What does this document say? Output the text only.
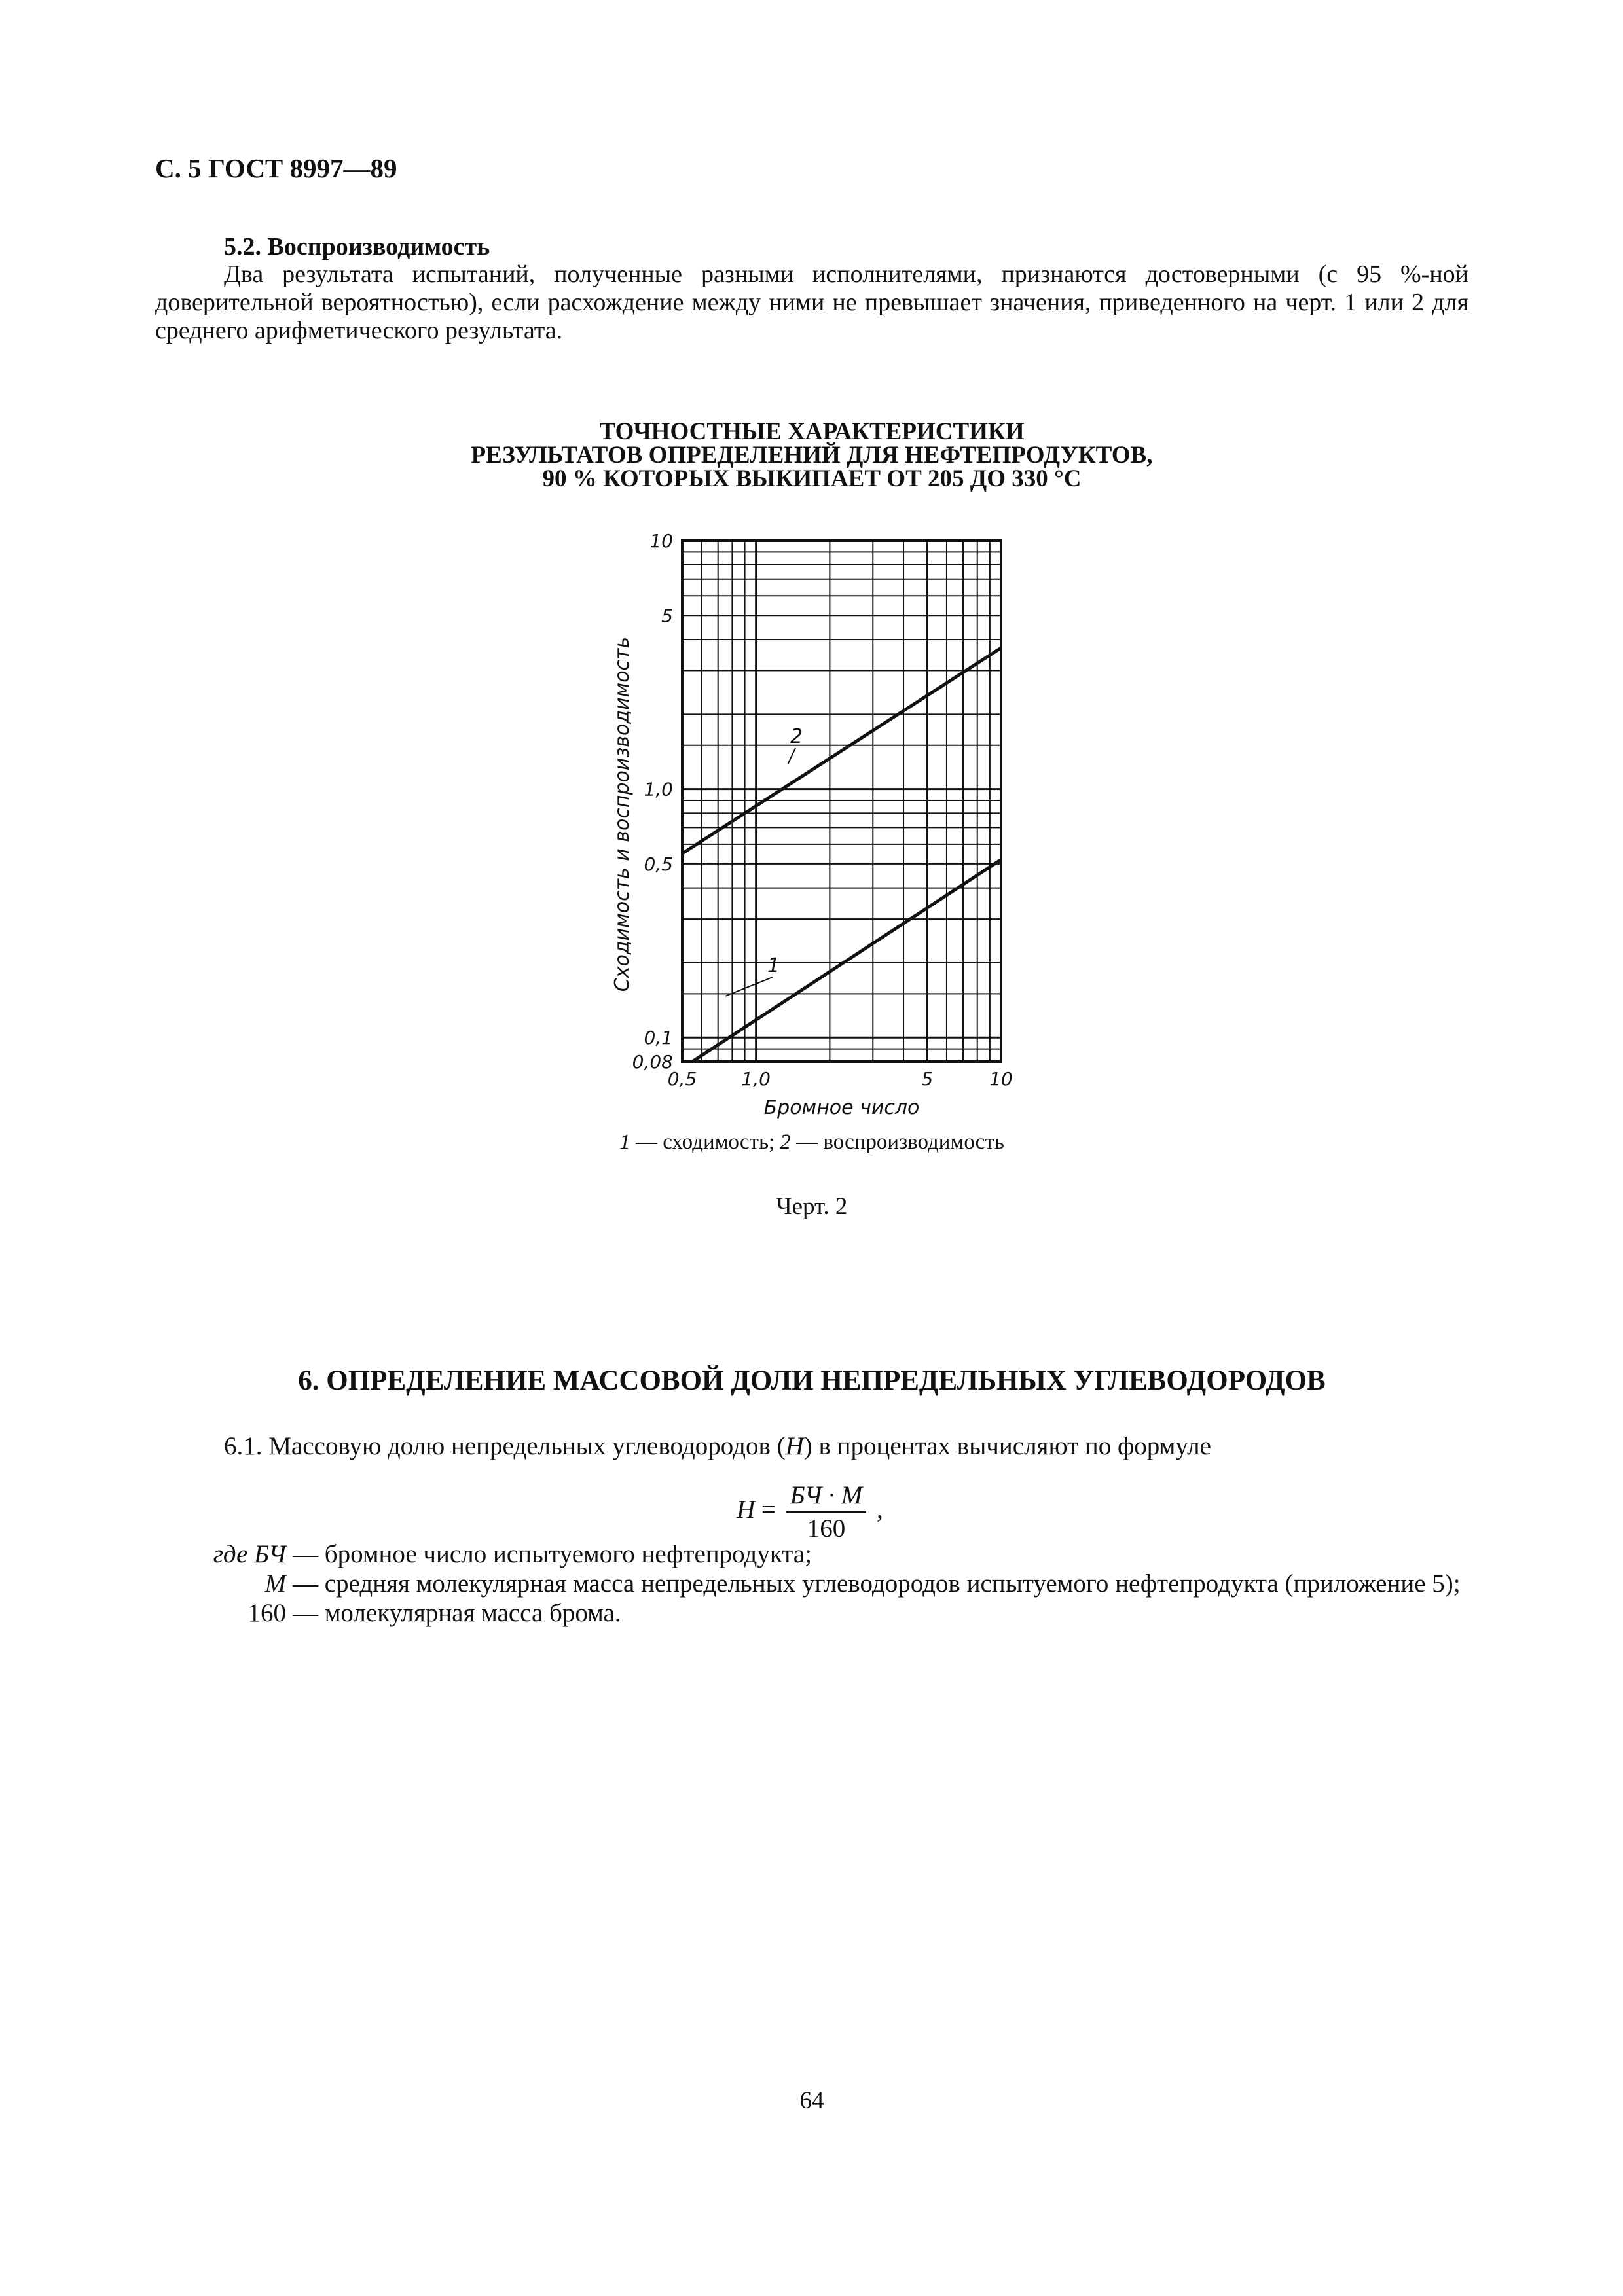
С. 5 ГОСТ 8997—89
5.2. Воспроизводимость
Два результата испытаний, полученные разными исполнителями, признаются достоверными (с 95 %-ной доверительной вероятностью), если расхождение между ними не превышает значения, приведенного на черт. 1 или 2 для среднего арифметического результата.
ТОЧНОСТНЫЕ ХАРАКТЕРИСТИКИ
РЕЗУЛЬТАТОВ ОПРЕДЕЛЕНИЙ ДЛЯ НЕФТЕПРОДУКТОВ,
90 % КОТОРЫХ ВЫКИПАЕТ ОТ 205 ДО 330 °С
1
2
10
5
1,0
0,5
0,1
0,08
0,5 1,0	5	10
Бромное число
Сходимость и воспроизводимость
1 — сходимость; 2 — воспроизводимость
Черт. 2
6. ОПРЕДЕЛЕНИЕ МАССОВОЙ ДОЛИ НЕПРЕДЕЛЬНЫХ УГЛЕВОДОРОДОВ
6.1. Массовую долю непредельных углеводородов (Н) в процентах вычисляют по формуле
$Н = \frac{БЧ \cdot М}{160}$ ,
где БЧ — бромное число испытуемого нефтепродукта;
М — средняя молекулярная масса непредельных углеводородов испытуемого нефтепродукта (приложение 5);
160 — молекулярная масса брома.
64
